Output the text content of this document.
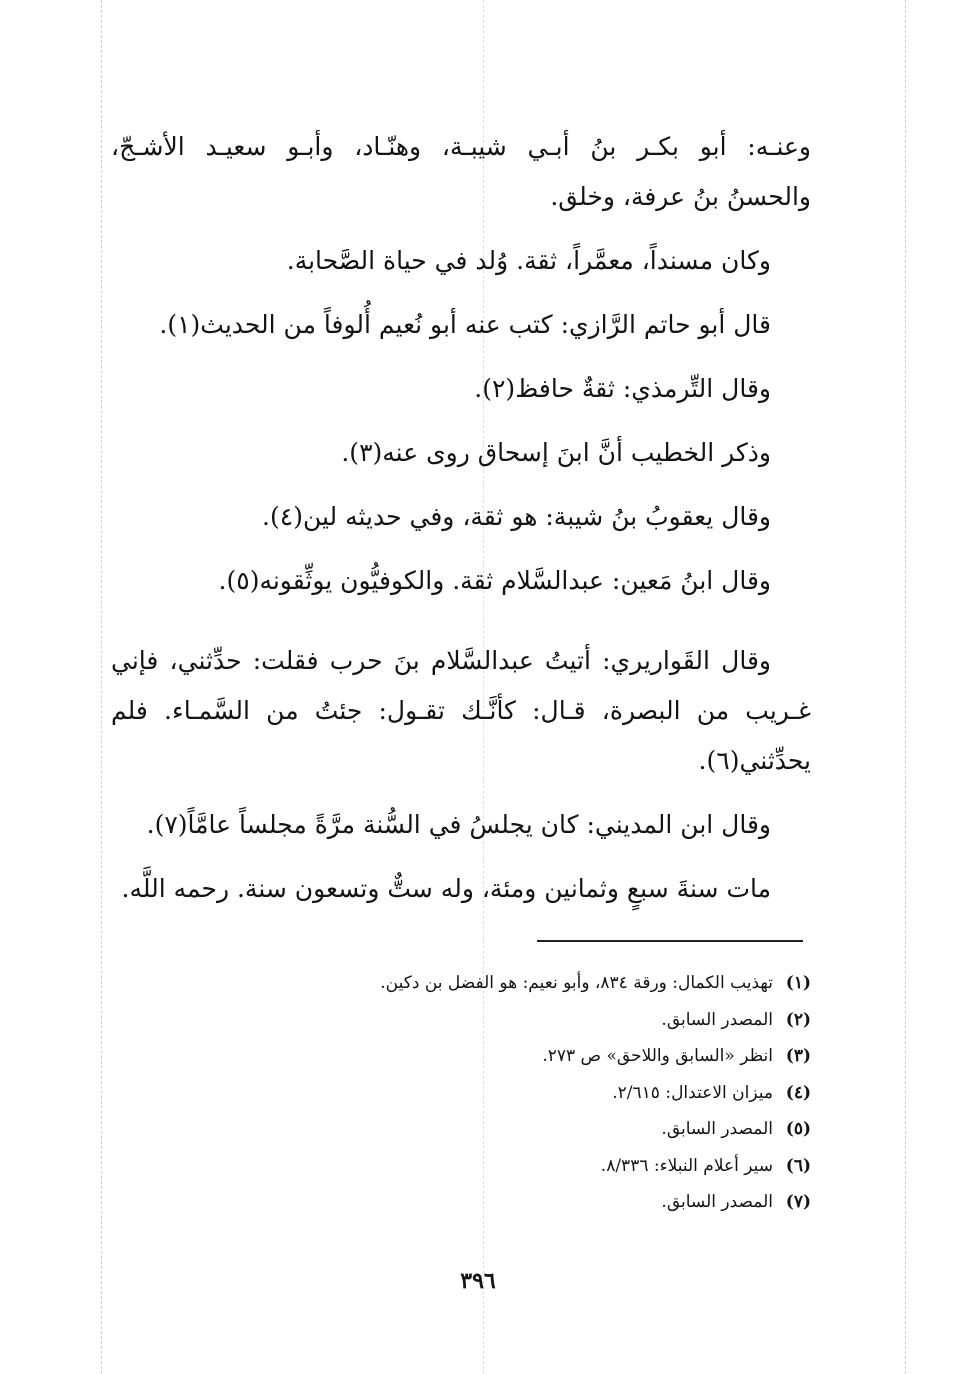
وعنـه: أبو بكـر بنُ أبـي شيبـة، وهنّـاد، وأبـو سعيـد الأشـجّ،
والحسنُ بنُ عرفة، وخلق.
وكان مسنداً، معمَّراً، ثقة. وُلد في حياة الصَّحابة.
قال أبو حاتم الرَّازي: كتب عنه أبو نُعيم أُلوفاً من الحديث(١).
وقال التِّرمذي: ثقةٌ حافظ(٢).
وذكر الخطيب أنَّ ابنَ إسحاق روى عنه(٣).
وقال يعقوبُ بنُ شيبة: هو ثقة، وفي حديثه لين(٤).
وقال ابنُ مَعين: عبدالسَّلام ثقة. والكوفيُّون يوثِّقونه(٥).
وقال القَواريري: أتيتُ عبدالسَّلام بنَ حرب فقلت: حدِّثني، فإني
غـريب من البصرة، قـال: كأنَّـك تقـول: جئتُ من السَّمـاء. فلم
يحدِّثني(٦).
وقال ابن المديني: كان يجلسُ في السُّنة مرَّةً مجلساً عامَّاً(٧).
مات سنةَ سبعٍ وثمانين ومئة، وله ستٌّ وتسعون سنة. رحمه اللَّه.
(١)
تهذيب الكمال: ورقة ٨٣٤، وأبو نعيم: هو الفضل بن دكين.
(٢)
المصدر السابق.
(٣)
انظر «السابق واللاحق» ص ٢٧٣.
(٤)
ميزان الاعتدال: ٢/٦١٥.
(٥)
المصدر السابق.
(٦)
سير أعلام النبلاء: ٨/٣٣٦.
(٧)
المصدر السابق.
٣٩٦
